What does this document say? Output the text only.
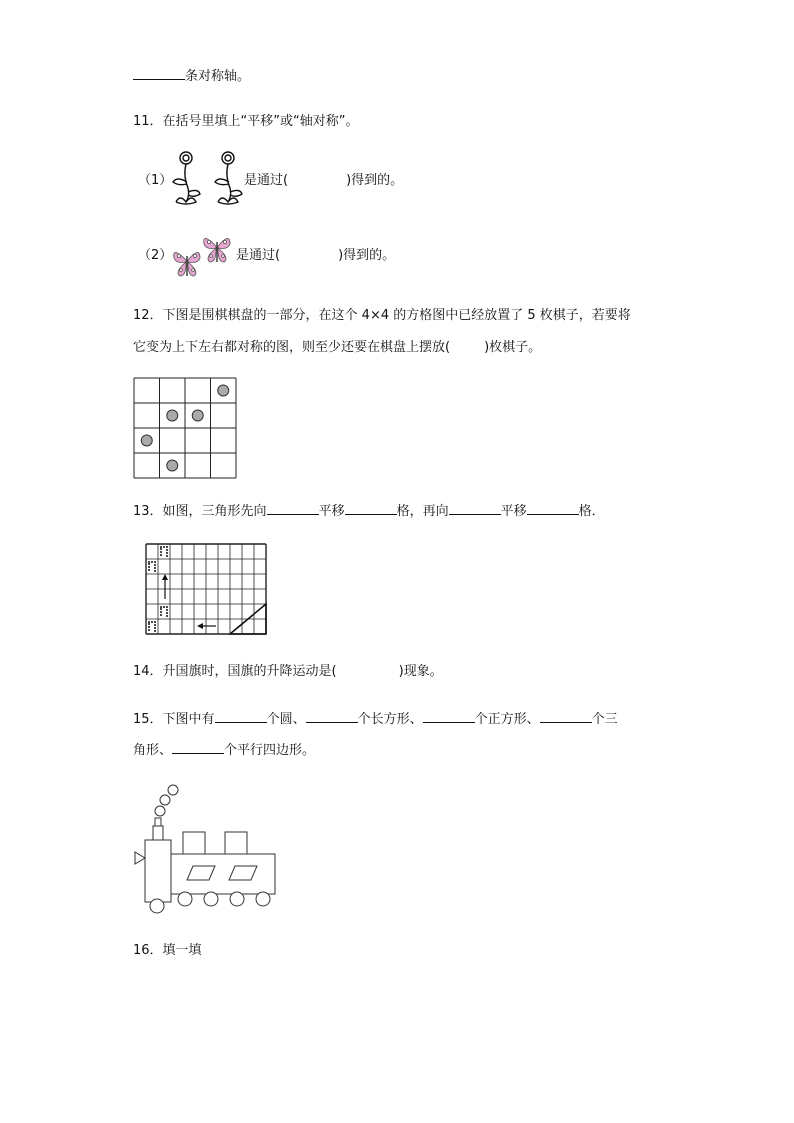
条对称轴。
11．在括号里填上“平移”或“轴对称”。
（1）	是通过(	)得到的。
（2）	是通过(	)得到的。
12．下图是围棋棋盘的一部分，在这个 4×4 的方格图中已经放置了 5 枚棋子，若要将
它变为上下左右都对称的图，则至少还要在棋盘上摆放(	)枚棋子。
13．如图，三角形先向	平移	格，再向	平移	格．
14．升国旗时，国旗的升降运动是(	)现象。
15．下图中有	个圆、	个长方形、	个正方形、	个三
角形、	个平行四边形。
16．填一填
